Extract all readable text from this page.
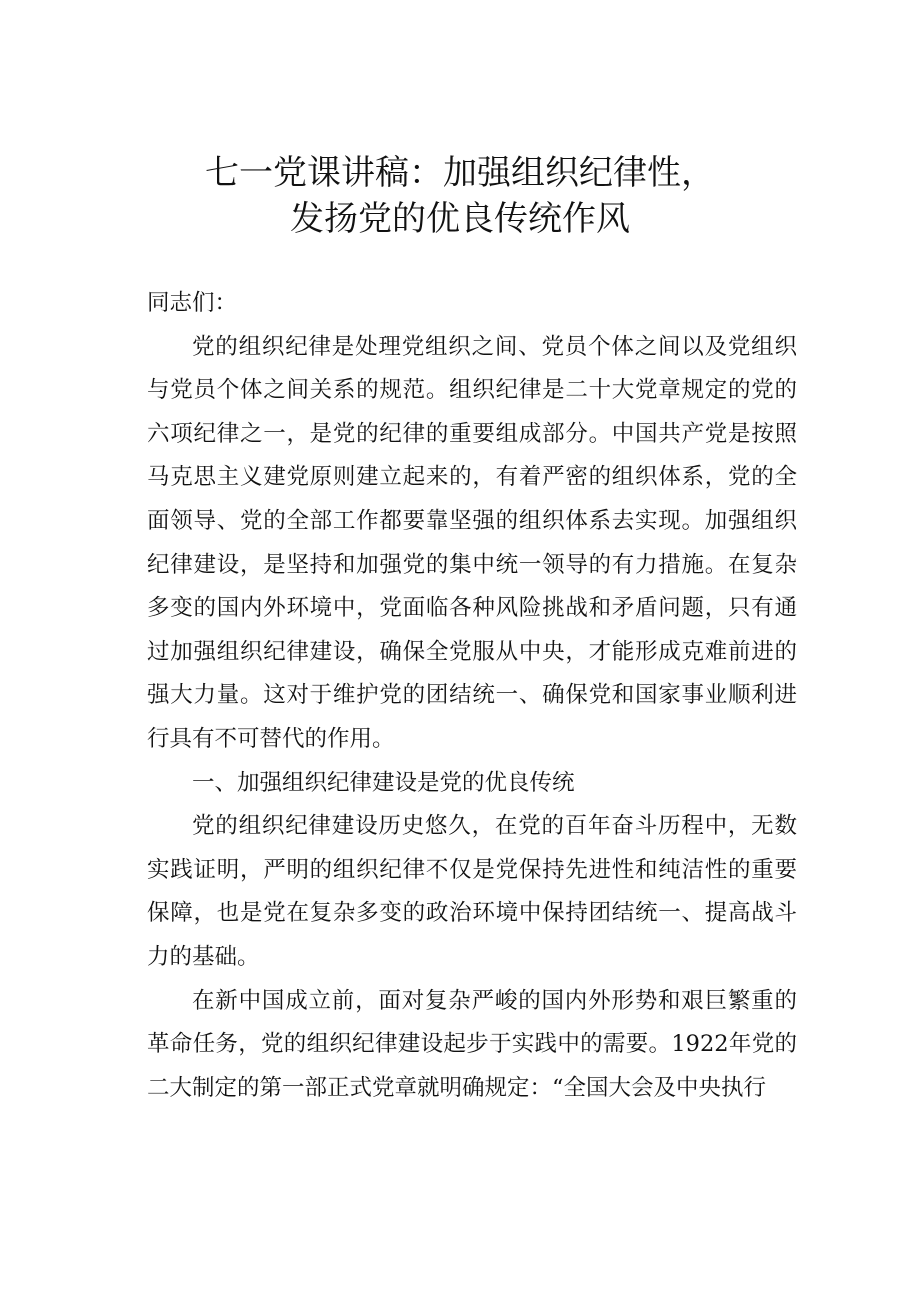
七一党课讲稿：加强组织纪律性，
发扬党的优良传统作风

同志们：

党的组织纪律是处理党组织之间、党员个体之间以及党组织与党员个体之间关系的规范。组织纪律是二十大党章规定的党的六项纪律之一，是党的纪律的重要组成部分。中国共产党是按照马克思主义建党原则建立起来的，有着严密的组织体系，党的全面领导、党的全部工作都要靠坚强的组织体系去实现。加强组织纪律建设，是坚持和加强党的集中统一领导的有力措施。在复杂多变的国内外环境中，党面临各种风险挑战和矛盾问题，只有通过加强组织纪律建设，确保全党服从中央，才能形成克难前进的强大力量。这对于维护党的团结统一、确保党和国家事业顺利进行具有不可替代的作用。

一、加强组织纪律建设是党的优良传统

党的组织纪律建设历史悠久，在党的百年奋斗历程中，无数实践证明，严明的组织纪律不仅是党保持先进性和纯洁性的重要保障，也是党在复杂多变的政治环境中保持团结统一、提高战斗力的基础。

在新中国成立前，面对复杂严峻的国内外形势和艰巨繁重的革命任务，党的组织纪律建设起步于实践中的需要。1922年党的二大制定的第一部正式党章就明确规定：“全国大会及中央执行
